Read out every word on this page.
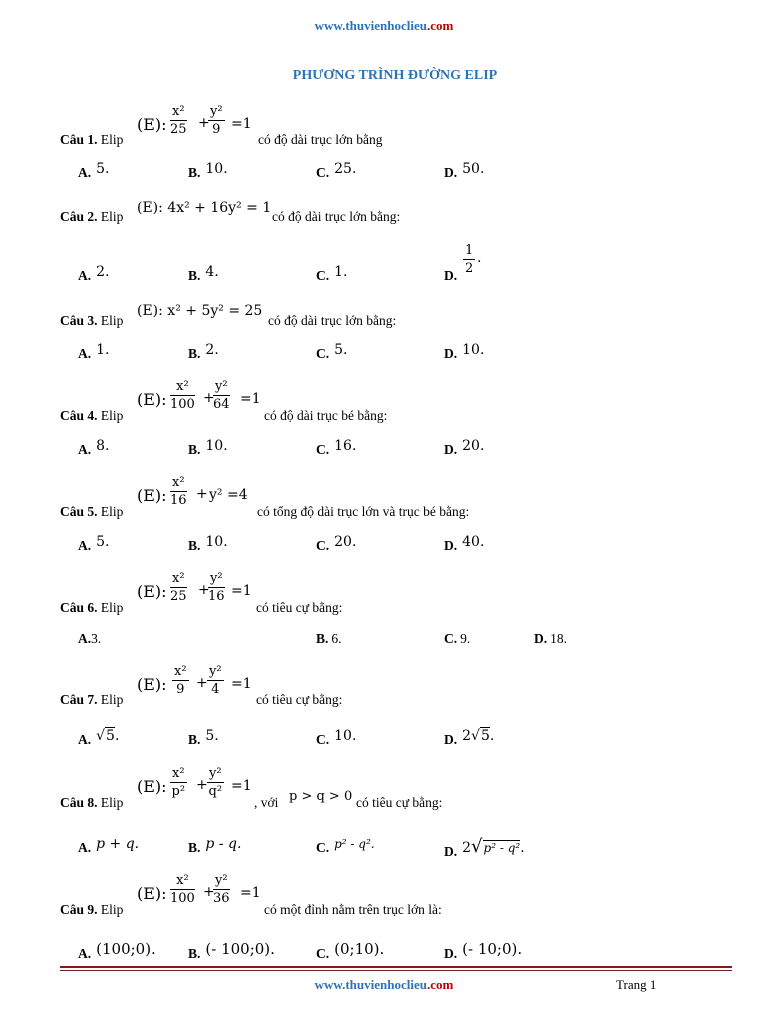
www.thuvienhoclieu.com
PHƯƠNG TRÌNH ĐƯỜNG ELIP
(E): $\frac{\text{x²}}{25}$ +
$\frac{\text{y²}}{9} =1$
Câu 1. Elip	có độ dài trục lớn bằng
A. 5.	B. 10.	C. 25.	D. 50.
Câu 2. Elip
(E): 4x² + 16y² = 1
có độ dài trục lớn bằng:
A. 2.	B. 4.	C. 1.	D. $\frac{1}{2}$ .
Câu 3. Elip
(E): x² + 5y² = 25
có độ dài trục lớn bằng:
A. 1.	B. 2.	C. 5.	D. 10.
(E): $\frac{\text{x²}}{100}$ +
$\frac{\text{y²}}{64} =1$
Câu 4. Elip	có độ dài trục bé bằng:
A. 8.	B. 10.	C. 16.	D. 20.
(E): $\frac{\text{x²}}{16} + y^2 =4$
Câu 5. Elip	có tổng độ dài trục lớn và trục bé bằng:
A. 5.	B. 10.	C. 20.	D. 40.
(E): $\frac{\text{x²}}{25}$ +
$\frac{\text{y²}}{16} =1$
Câu 6. Elip	có tiêu cự bằng:
A.3.	B. 6.	C. 9.	D. 18.
(E): $\frac{\text{x²}}{9} + \frac{\text{y²}}{4} =1$
Câu 7. Elip	có tiêu cự bằng:
A. √5.	B. 5.	C. 10.	D. 2√5.
(E): $\frac{\text{x²}}{\text{p²}} + \frac{\text{y²}}{\text{q²}} =1$
Câu 8. Elip	, với p > q > 0 có tiêu cự bằng:
A. p + q.	B. p - q.	C. p² - q².	D. 2√p² - q².
(E): $\frac{\text{x²}}{100}$ +
$\frac{\text{y²}}{36} =1$
Câu 9. Elip	có một đỉnh nằm trên trục lớn là:
A. (100;0). B. (- 100;0).	C. (0;10).	D. (- 10;0).
www.thuvienhoclieu.com	Trang 1
